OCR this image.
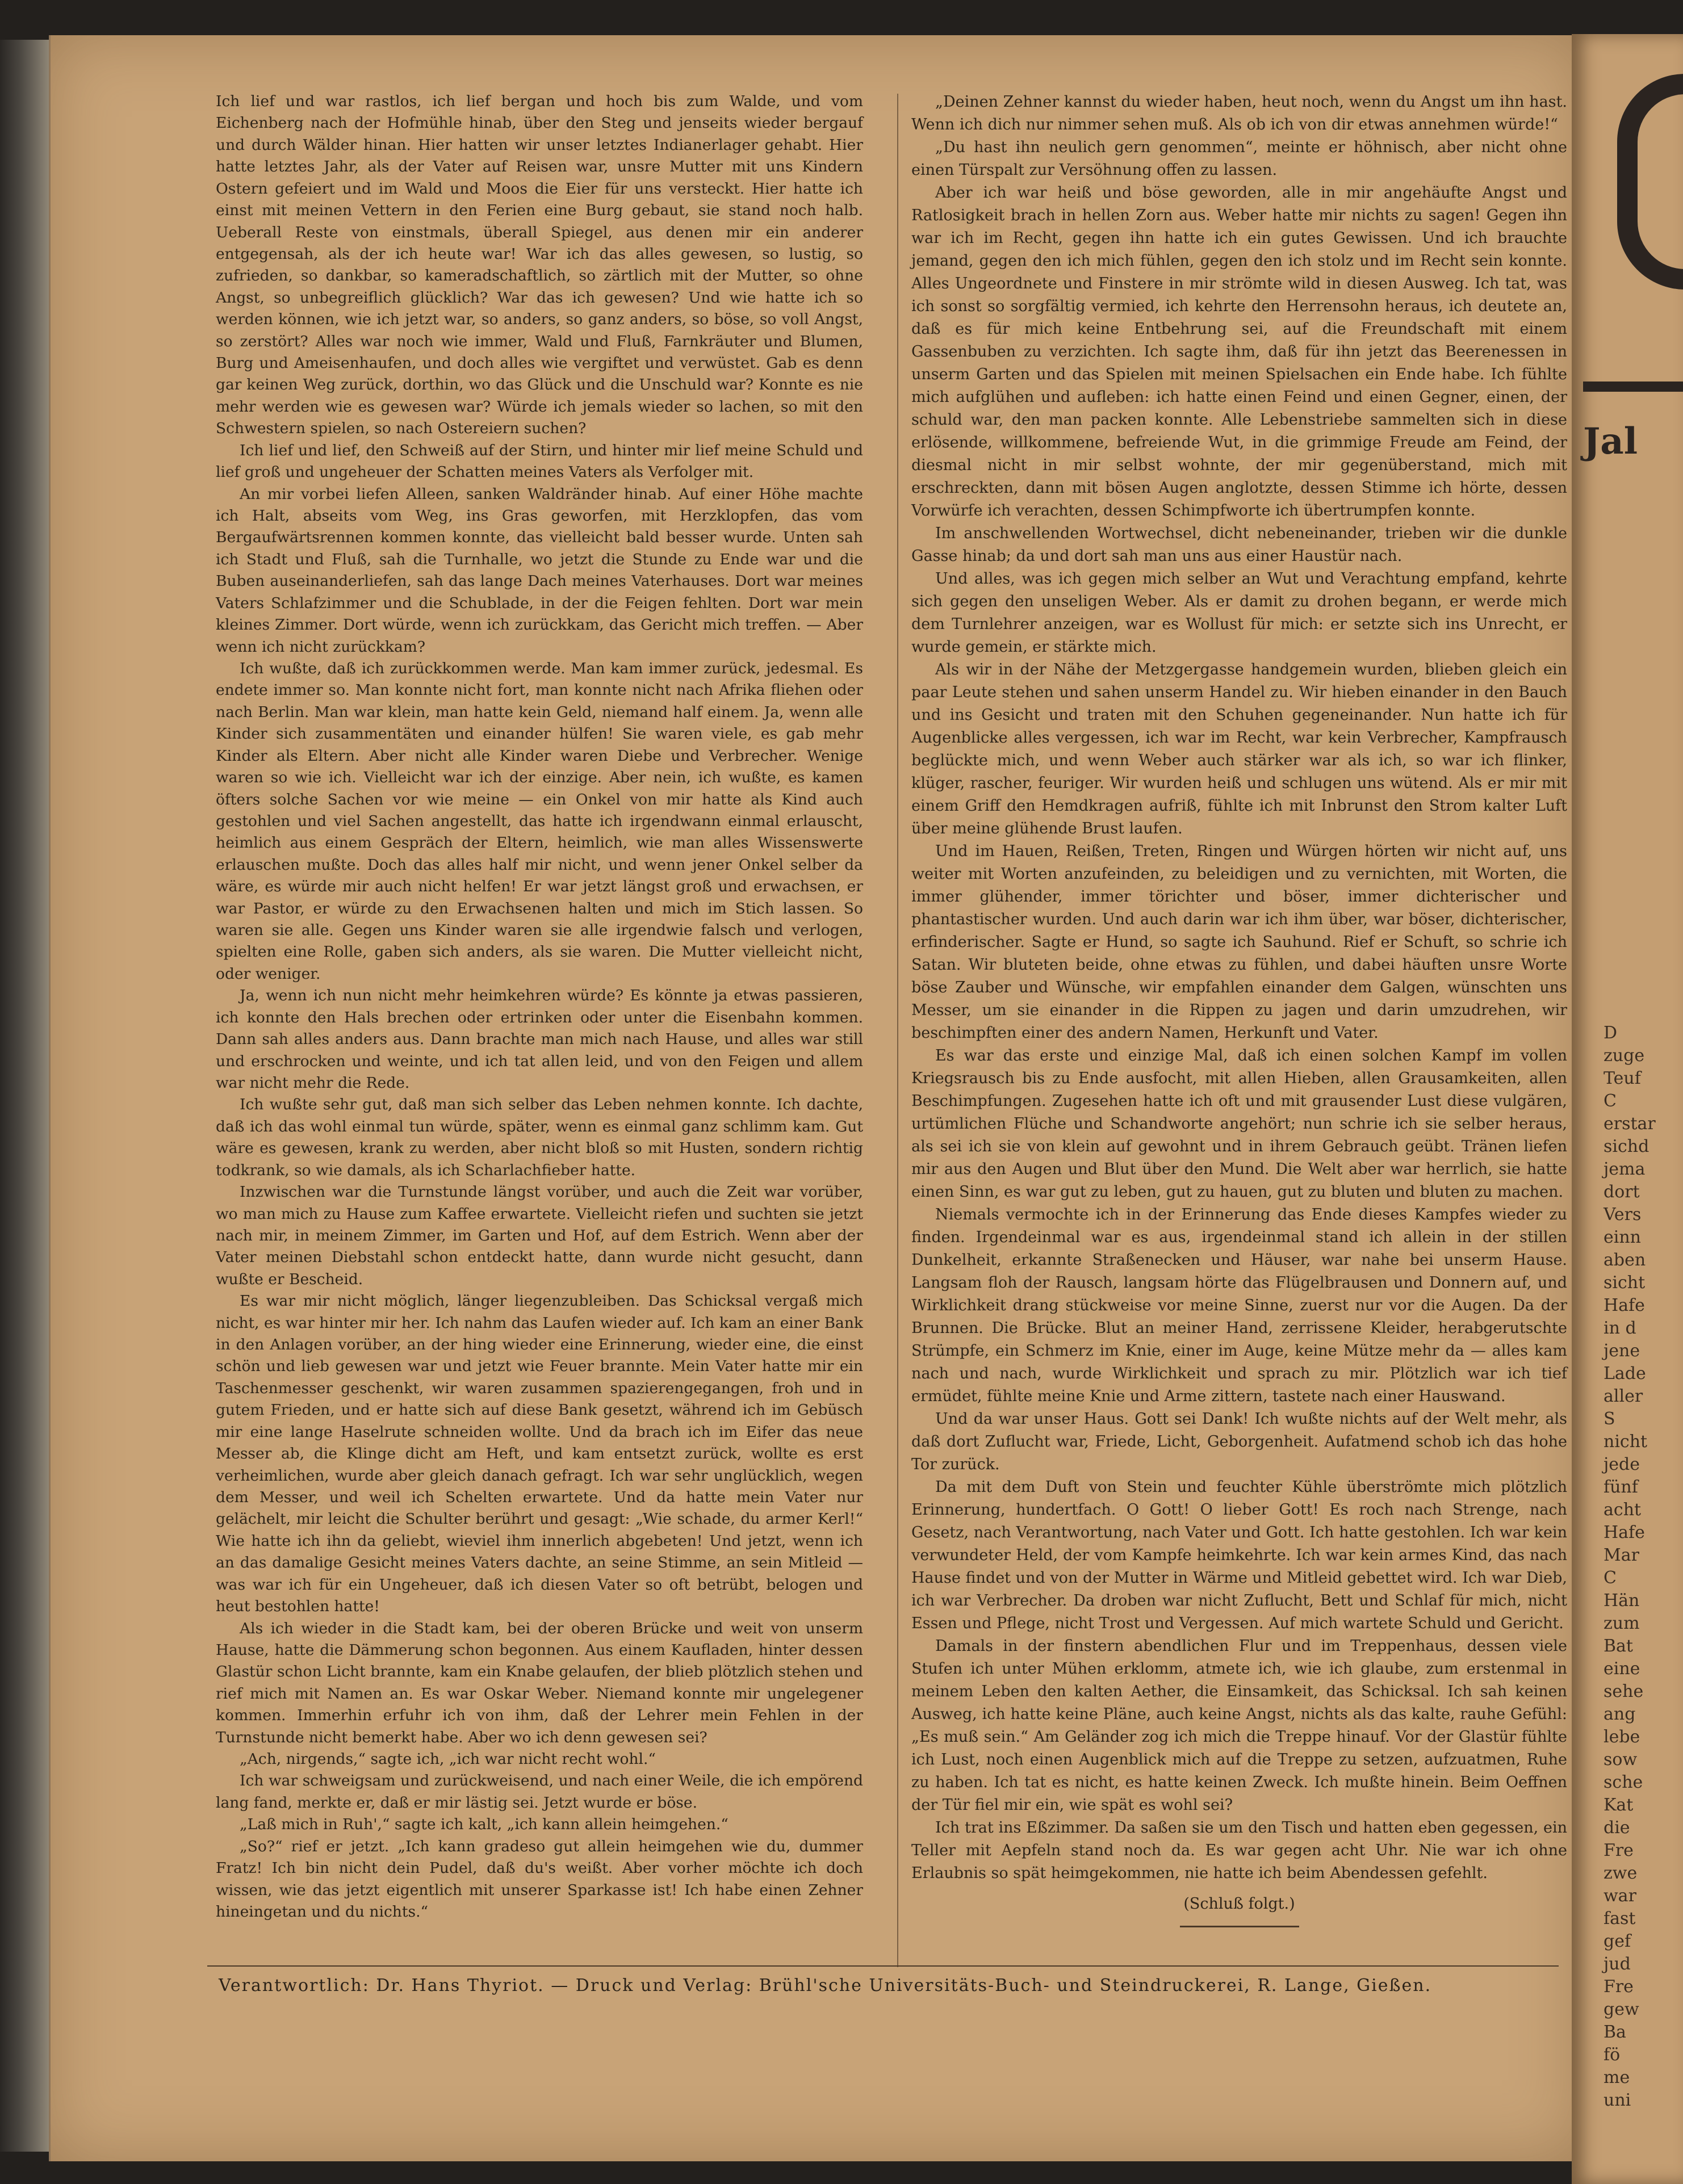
Ich lief und war rastlos, ich lief bergan und hoch bis zum Walde, und vom Eichenberg nach der Hofmühle hinab, über den Steg und jenseits wieder bergauf und durch Wälder hinan. Hier hatten wir unser letztes Indianerlager gehabt. Hier hatte letztes Jahr, als der Vater auf Reisen war, unsre Mutter mit uns Kindern Ostern gefeiert und im Wald und Moos die Eier für uns versteckt. Hier hatte ich einst mit meinen Vettern in den Ferien eine Burg gebaut, sie stand noch halb. Ueberall Reste von einstmals, überall Spiegel, aus denen mir ein anderer entgegensah, als der ich heute war! War ich das alles gewesen, so lustig, so zufrieden, so dankbar, so kameradschaftlich, so zärtlich mit der Mutter, so ohne Angst, so unbegreiflich glücklich? War das ich gewesen? Und wie hatte ich so werden können, wie ich jetzt war, so anders, so ganz anders, so böse, so voll Angst, so zerstört? Alles war noch wie immer, Wald und Fluß, Farnkräuter und Blumen, Burg und Ameisenhaufen, und doch alles wie vergiftet und verwüstet. Gab es denn gar keinen Weg zurück, dorthin, wo das Glück und die Unschuld war? Konnte es nie mehr werden wie es gewesen war? Würde ich jemals wieder so lachen, so mit den Schwestern spielen, so nach Ostereiern suchen?

Ich lief und lief, den Schweiß auf der Stirn, und hinter mir lief meine Schuld und lief groß und ungeheuer der Schatten meines Vaters als Verfolger mit.

An mir vorbei liefen Alleen, sanken Waldränder hinab. Auf einer Höhe machte ich Halt, abseits vom Weg, ins Gras geworfen, mit Herzklopfen, das vom Bergaufwärtsrennen kommen konnte, das vielleicht bald besser wurde. Unten sah ich Stadt und Fluß, sah die Turnhalle, wo jetzt die Stunde zu Ende war und die Buben auseinanderliefen, sah das lange Dach meines Vaterhauses. Dort war meines Vaters Schlafzimmer und die Schublade, in der die Feigen fehlten. Dort war mein kleines Zimmer. Dort würde, wenn ich zurückkam, das Gericht mich treffen. — Aber wenn ich nicht zurückkam?

Ich wußte, daß ich zurückkommen werde. Man kam immer zurück, jedesmal. Es endete immer so. Man konnte nicht fort, man konnte nicht nach Afrika fliehen oder nach Berlin. Man war klein, man hatte kein Geld, niemand half einem. Ja, wenn alle Kinder sich zusammentäten und einander hülfen! Sie waren viele, es gab mehr Kinder als Eltern. Aber nicht alle Kinder waren Diebe und Verbrecher. Wenige waren so wie ich. Vielleicht war ich der einzige. Aber nein, ich wußte, es kamen öfters solche Sachen vor wie meine — ein Onkel von mir hatte als Kind auch gestohlen und viel Sachen angestellt, das hatte ich irgendwann einmal erlauscht, heimlich aus einem Gespräch der Eltern, heimlich, wie man alles Wissenswerte erlauschen mußte. Doch das alles half mir nicht, und wenn jener Onkel selber da wäre, es würde mir auch nicht helfen! Er war jetzt längst groß und erwachsen, er war Pastor, er würde zu den Erwachsenen halten und mich im Stich lassen. So waren sie alle. Gegen uns Kinder waren sie alle irgendwie falsch und verlogen, spielten eine Rolle, gaben sich anders, als sie waren. Die Mutter vielleicht nicht, oder weniger.

Ja, wenn ich nun nicht mehr heimkehren würde? Es könnte ja etwas passieren, ich konnte den Hals brechen oder ertrinken oder unter die Eisenbahn kommen. Dann sah alles anders aus. Dann brachte man mich nach Hause, und alles war still und erschrocken und weinte, und ich tat allen leid, und von den Feigen und allem war nicht mehr die Rede.

Ich wußte sehr gut, daß man sich selber das Leben nehmen konnte. Ich dachte, daß ich das wohl einmal tun würde, später, wenn es einmal ganz schlimm kam. Gut wäre es gewesen, krank zu werden, aber nicht bloß so mit Husten, sondern richtig todkrank, so wie damals, als ich Scharlachfieber hatte.

Inzwischen war die Turnstunde längst vorüber, und auch die Zeit war vorüber, wo man mich zu Hause zum Kaffee erwartete. Vielleicht riefen und suchten sie jetzt nach mir, in meinem Zimmer, im Garten und Hof, auf dem Estrich. Wenn aber der Vater meinen Diebstahl schon entdeckt hatte, dann wurde nicht gesucht, dann wußte er Bescheid.

Es war mir nicht möglich, länger liegenzubleiben. Das Schicksal vergaß mich nicht, es war hinter mir her. Ich nahm das Laufen wieder auf. Ich kam an einer Bank in den Anlagen vorüber, an der hing wieder eine Erinnerung, wieder eine, die einst schön und lieb gewesen war und jetzt wie Feuer brannte. Mein Vater hatte mir ein Taschenmesser geschenkt, wir waren zusammen spazierengegangen, froh und in gutem Frieden, und er hatte sich auf diese Bank gesetzt, während ich im Gebüsch mir eine lange Haselrute schneiden wollte. Und da brach ich im Eifer das neue Messer ab, die Klinge dicht am Heft, und kam entsetzt zurück, wollte es erst verheimlichen, wurde aber gleich danach gefragt. Ich war sehr unglücklich, wegen dem Messer, und weil ich Schelten erwartete. Und da hatte mein Vater nur gelächelt, mir leicht die Schulter berührt und gesagt: „Wie schade, du armer Kerl!“ Wie hatte ich ihn da geliebt, wieviel ihm innerlich abgebeten! Und jetzt, wenn ich an das damalige Gesicht meines Vaters dachte, an seine Stimme, an sein Mitleid — was war ich für ein Ungeheuer, daß ich diesen Vater so oft betrübt, belogen und heut bestohlen hatte!

Als ich wieder in die Stadt kam, bei der oberen Brücke und weit von unserm Hause, hatte die Dämmerung schon begonnen. Aus einem Kaufladen, hinter dessen Glastür schon Licht brannte, kam ein Knabe gelaufen, der blieb plötzlich stehen und rief mich mit Namen an. Es war Oskar Weber. Niemand konnte mir ungelegener kommen. Immerhin erfuhr ich von ihm, daß der Lehrer mein Fehlen in der Turnstunde nicht bemerkt habe. Aber wo ich denn gewesen sei?

„Ach, nirgends,“ sagte ich, „ich war nicht recht wohl.“

Ich war schweigsam und zurückweisend, und nach einer Weile, die ich empörend lang fand, merkte er, daß er mir lästig sei. Jetzt wurde er böse.

„Laß mich in Ruh',“ sagte ich kalt, „ich kann allein heimgehen.“

„So?“ rief er jetzt. „Ich kann gradeso gut allein heimgehen wie du, dummer Fratz! Ich bin nicht dein Pudel, daß du's weißt. Aber vorher möchte ich doch wissen, wie das jetzt eigentlich mit unserer Sparkasse ist! Ich habe einen Zehner hineingetan und du nichts.“

„Deinen Zehner kannst du wieder haben, heut noch, wenn du Angst um ihn hast. Wenn ich dich nur nimmer sehen muß. Als ob ich von dir etwas annehmen würde!“

„Du hast ihn neulich gern genommen“, meinte er höhnisch, aber nicht ohne einen Türspalt zur Versöhnung offen zu lassen.

Aber ich war heiß und böse geworden, alle in mir angehäufte Angst und Ratlosigkeit brach in hellen Zorn aus. Weber hatte mir nichts zu sagen! Gegen ihn war ich im Recht, gegen ihn hatte ich ein gutes Gewissen. Und ich brauchte jemand, gegen den ich mich fühlen, gegen den ich stolz und im Recht sein konnte. Alles Ungeordnete und Finstere in mir strömte wild in diesen Ausweg. Ich tat, was ich sonst so sorgfältig vermied, ich kehrte den Herrensohn heraus, ich deutete an, daß es für mich keine Entbehrung sei, auf die Freundschaft mit einem Gassenbuben zu verzichten. Ich sagte ihm, daß für ihn jetzt das Beerenessen in unserm Garten und das Spielen mit meinen Spielsachen ein Ende habe. Ich fühlte mich aufglühen und aufleben: ich hatte einen Feind und einen Gegner, einen, der schuld war, den man packen konnte. Alle Lebenstriebe sammelten sich in diese erlösende, willkommene, befreiende Wut, in die grimmige Freude am Feind, der diesmal nicht in mir selbst wohnte, der mir gegenüberstand, mich mit erschreckten, dann mit bösen Augen anglotzte, dessen Stimme ich hörte, dessen Vorwürfe ich verachten, dessen Schimpfworte ich übertrumpfen konnte.

Im anschwellenden Wortwechsel, dicht nebeneinander, trieben wir die dunkle Gasse hinab; da und dort sah man uns aus einer Haustür nach.

Und alles, was ich gegen mich selber an Wut und Verachtung empfand, kehrte sich gegen den unseligen Weber. Als er damit zu drohen begann, er werde mich dem Turnlehrer anzeigen, war es Wollust für mich: er setzte sich ins Unrecht, er wurde gemein, er stärkte mich.

Als wir in der Nähe der Metzgergasse handgemein wurden, blieben gleich ein paar Leute stehen und sahen unserm Handel zu. Wir hieben einander in den Bauch und ins Gesicht und traten mit den Schuhen gegeneinander. Nun hatte ich für Augenblicke alles vergessen, ich war im Recht, war kein Verbrecher, Kampfrausch beglückte mich, und wenn Weber auch stärker war als ich, so war ich flinker, klüger, rascher, feuriger. Wir wurden heiß und schlugen uns wütend. Als er mir mit einem Griff den Hemdkragen aufriß, fühlte ich mit Inbrunst den Strom kalter Luft über meine glühende Brust laufen.

Und im Hauen, Reißen, Treten, Ringen und Würgen hörten wir nicht auf, uns weiter mit Worten anzufeinden, zu beleidigen und zu vernichten, mit Worten, die immer glühender, immer törichter und böser, immer dichterischer und phantastischer wurden. Und auch darin war ich ihm über, war böser, dichterischer, erfinderischer. Sagte er Hund, so sagte ich Sauhund. Rief er Schuft, so schrie ich Satan. Wir bluteten beide, ohne etwas zu fühlen, und dabei häuften unsre Worte böse Zauber und Wünsche, wir empfahlen einander dem Galgen, wünschten uns Messer, um sie einander in die Rippen zu jagen und darin umzudrehen, wir beschimpften einer des andern Namen, Herkunft und Vater.

Es war das erste und einzige Mal, daß ich einen solchen Kampf im vollen Kriegsrausch bis zu Ende ausfocht, mit allen Hieben, allen Grausamkeiten, allen Beschimpfungen. Zugesehen hatte ich oft und mit grausender Lust diese vulgären, urtümlichen Flüche und Schandworte angehört; nun schrie ich sie selber heraus, als sei ich sie von klein auf gewohnt und in ihrem Gebrauch geübt. Tränen liefen mir aus den Augen und Blut über den Mund. Die Welt aber war herrlich, sie hatte einen Sinn, es war gut zu leben, gut zu hauen, gut zu bluten und bluten zu machen.

Niemals vermochte ich in der Erinnerung das Ende dieses Kampfes wieder zu finden. Irgendeinmal war es aus, irgendeinmal stand ich allein in der stillen Dunkelheit, erkannte Straßenecken und Häuser, war nahe bei unserm Hause. Langsam floh der Rausch, langsam hörte das Flügelbrausen und Donnern auf, und Wirklichkeit drang stückweise vor meine Sinne, zuerst nur vor die Augen. Da der Brunnen. Die Brücke. Blut an meiner Hand, zerrissene Kleider, herabgerutschte Strümpfe, ein Schmerz im Knie, einer im Auge, keine Mütze mehr da — alles kam nach und nach, wurde Wirklichkeit und sprach zu mir. Plötzlich war ich tief ermüdet, fühlte meine Knie und Arme zittern, tastete nach einer Hauswand.

Und da war unser Haus. Gott sei Dank! Ich wußte nichts auf der Welt mehr, als daß dort Zuflucht war, Friede, Licht, Geborgenheit. Aufatmend schob ich das hohe Tor zurück.

Da mit dem Duft von Stein und feuchter Kühle überströmte mich plötzlich Erinnerung, hundertfach. O Gott! O lieber Gott! Es roch nach Strenge, nach Gesetz, nach Verantwortung, nach Vater und Gott. Ich hatte gestohlen. Ich war kein verwundeter Held, der vom Kampfe heimkehrte. Ich war kein armes Kind, das nach Hause findet und von der Mutter in Wärme und Mitleid gebettet wird. Ich war Dieb, ich war Verbrecher. Da droben war nicht Zuflucht, Bett und Schlaf für mich, nicht Essen und Pflege, nicht Trost und Vergessen. Auf mich wartete Schuld und Gericht.

Damals in der finstern abendlichen Flur und im Treppenhaus, dessen viele Stufen ich unter Mühen erklomm, atmete ich, wie ich glaube, zum erstenmal in meinem Leben den kalten Aether, die Einsamkeit, das Schicksal. Ich sah keinen Ausweg, ich hatte keine Pläne, auch keine Angst, nichts als das kalte, rauhe Gefühl: „Es muß sein.“ Am Geländer zog ich mich die Treppe hinauf. Vor der Glastür fühlte ich Lust, noch einen Augenblick mich auf die Treppe zu setzen, aufzuatmen, Ruhe zu haben. Ich tat es nicht, es hatte keinen Zweck. Ich mußte hinein. Beim Oeffnen der Tür fiel mir ein, wie spät es wohl sei?

Ich trat ins Eßzimmer. Da saßen sie um den Tisch und hatten eben gegessen, ein Teller mit Aepfeln stand noch da. Es war gegen acht Uhr. Nie war ich ohne Erlaubnis so spät heimgekommen, nie hatte ich beim Abendessen gefehlt.

(Schluß folgt.)
Verantwortlich: Dr. Hans Thyriot. — Druck und Verlag: Brühl'sche Universitäts-Buch- und Steindruckerei, R. Lange, Gießen.
Jal
D
zuge
Teuf
C
erstar
sichd
jema
dort
Vers
einn
aben
sicht
Hafe
in d
jene
Lade
aller
S
nicht
jede
fünf
acht
Hafe
Mar
C
Hän
zum
Bat
eine
sehe
ang
lebe
sow
sche
Kat
die
Fre
zwe
war
fast
gef
jud
Fre
gew
Ba
fö
me
uni
